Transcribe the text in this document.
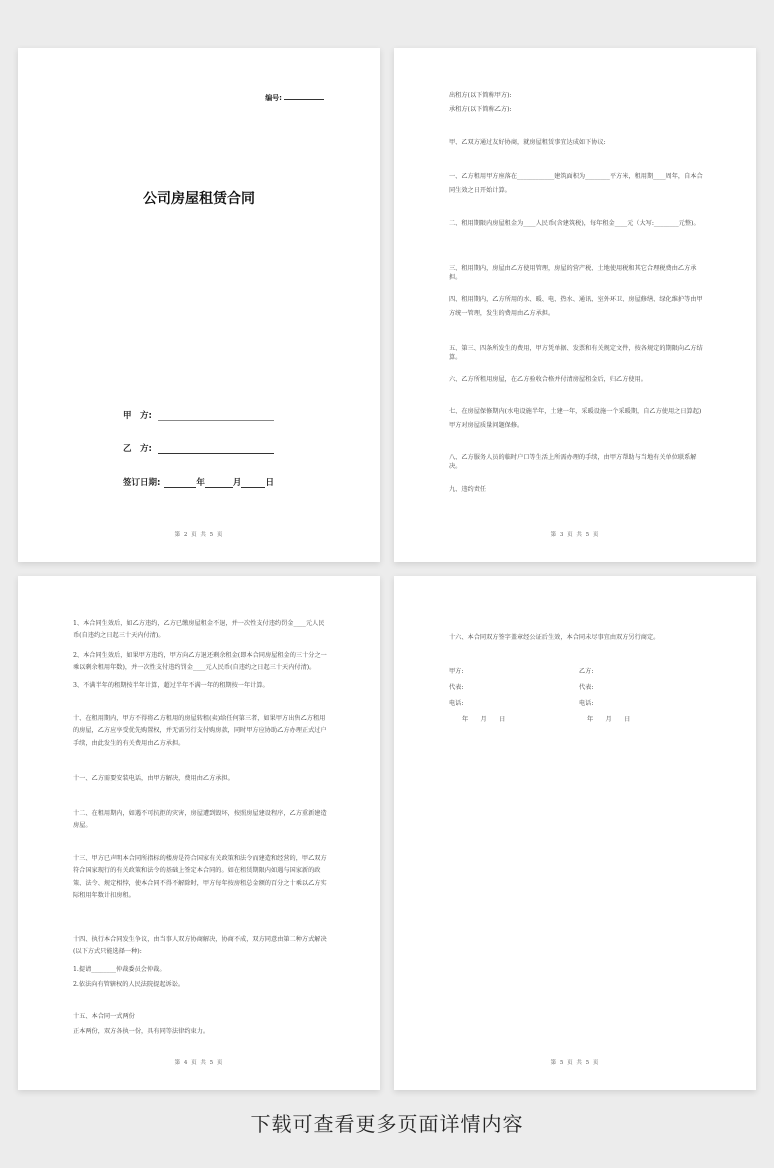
编号:
公司房屋租赁合同
甲　方:
乙　方:
签订日期:	年	月	日
第 2 页 共 5 页
出租方(以下简称甲方):
承租方(以下简称乙方):
甲、乙双方通过友好协商，就房屋租赁事宜达成如下协议:
一、乙方租用甲方座落在____________建筑面积为________平方米，租用期____周年，自本合同生效之日开始计算。
二、租用期限内房屋租金为____人民币(含建筑税)，每年租金____元（大写:________元整)。
三、租用期内，房屋由乙方使用管理，房屋的营产税、土地使用税和其它合理税费由乙方承担。
四、租用期内，乙方所用的水、暖、电、热水、通讯、室外环卫、房屋修缮、绿化维护等由甲方统一管理，发生的费用由乙方承担。
五、第三、四条所发生的费用，甲方凭单据、发票和有关规定文件，按各规定的期限向乙方结算。
六、乙方所租用房屋，在乙方验收合格并付清房屋租金后，归乙方使用。
七、在房屋保修期内(水电设施半年，土建一年，采暖设施一个采暖期，自乙方使用之日算起)甲方对房屋质量问题保修。
八、乙方服务人员的临时户口等生活上所需办理的手续，由甲方帮助与当地有关单位联系解决。
九、违约责任
第 3 页 共 5 页
1、本合同生效后，如乙方违约，乙方已缴房屋租金不退，并一次性支付违约罚金____元人民币(自违约之日起三十天内付清)。
2、本合同生效后，如果甲方违约，甲方向乙方退还剩余租金(即本合同房屋租金的三十分之一乘以剩余租用年数)，并一次性支付违约罚金____元人民币(自违约之日起三十天内付清)。
3、不满半年的租期按半年计算，超过半年不满一年的租期按一年计算。
十、在租用期内，甲方不得将乙方租用的房屋转租(卖)给任何第三者，如果甲方出售乙方租用的房屋，乙方应享受优先购置权，并无需另行支付购房款，同时甲方应协助乙方办理正式过户手续，由此发生的有关费用由乙方承担。
十一、乙方需要安装电话，由甲方解决，费用由乙方承担。
十二、在租用期内，如遇不可抗拒的灾害，房屋遭到毁坏，按照房屋建设程序，乙方重新建造房屋。
十三、甲方已声明本合同所指标的楼房是符合国家有关政策和法令而建造和经营的，甲乙双方符合国家现行的有关政策和法令的基础上签定本合同的。如在租赁期限内如遇与国家新的政策、法令、规定相悖，使本合同不得不解除时，甲方每年按房租总金额的百分之十乘以乙方实际租用年数计扣房租。
十四、执行本合同发生争议，由当事人双方协商解决，协商不成，双方同意由第二种方式解决(以下方式只能选择一种):
1.提请________仲裁委员会仲裁。
2.依法向有管辖权的人民法院提起诉讼。
十五、本合同一式两份
正本两份，双方各执一份，具有同等法律约束力。
第 4 页 共 5 页
十六、本合同双方签字盖章经公证后生效，本合同未尽事宜由双方另行商定。
甲方:	乙方:
代表:	代表:
电话:	电话:
年　　月　　日	年　　月　　日
第 5 页 共 5 页
下载可查看更多页面详情内容
